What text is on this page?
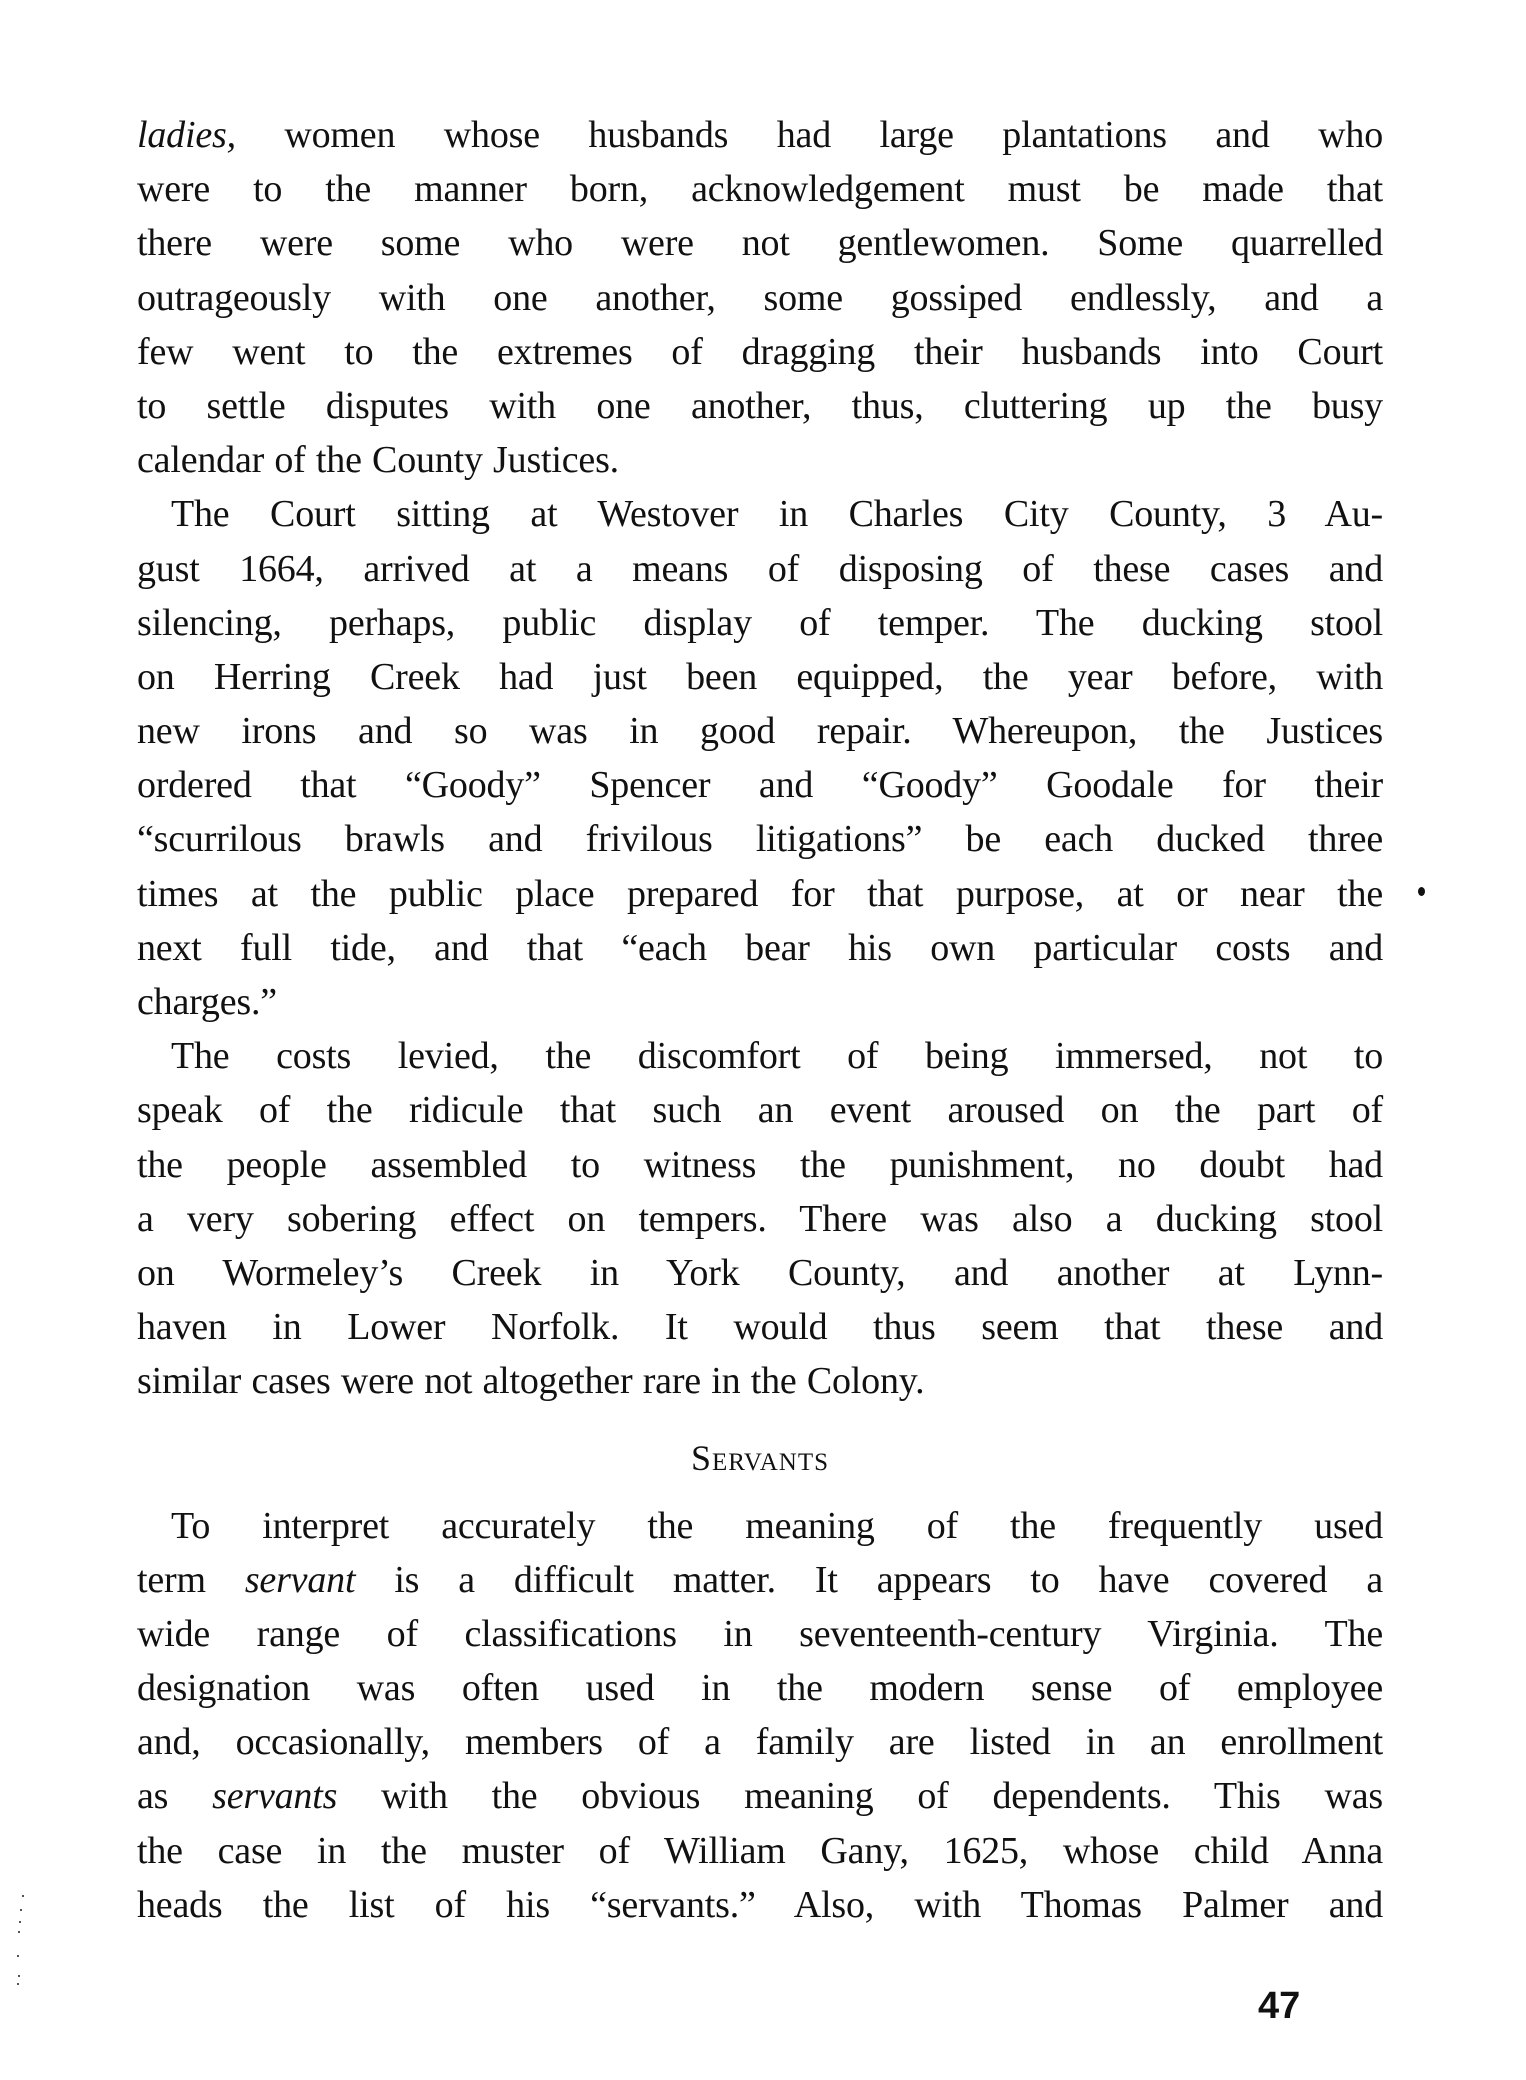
ladies, women whose husbands had large plantations and who
were to the manner born, acknowledgement must be made that
there were some who were not gentlewomen. Some quarrelled
outrageously with one another, some gossiped endlessly, and a
few went to the extremes of dragging their husbands into Court
to settle disputes with one another, thus, cluttering up the busy
calendar of the County Justices.
The Court sitting at Westover in Charles City County, 3 Au-
gust 1664, arrived at a means of disposing of these cases and
silencing, perhaps, public display of temper. The ducking stool
on Herring Creek had just been equipped, the year before, with
new irons and so was in good repair. Whereupon, the Justices
ordered that “Goody” Spencer and “Goody” Goodale for their
“scurrilous brawls and frivilous litigations” be each ducked three
times at the public place prepared for that purpose, at or near the
next full tide, and that “each bear his own particular costs and
charges.”
The costs levied, the discomfort of being immersed, not to
speak of the ridicule that such an event aroused on the part of
the people assembled to witness the punishment, no doubt had
a very sobering effect on tempers. There was also a ducking stool
on Wormeley’s Creek in York County, and another at Lynn-
haven in Lower Norfolk. It would thus seem that these and
similar cases were not altogether rare in the Colony.
Servants
To interpret accurately the meaning of the frequently used
term servant is a difficult matter. It appears to have covered a
wide range of classifications in seventeenth-century Virginia. The
designation was often used in the modern sense of employee
and, occasionally, members of a family are listed in an enrollment
as servants with the obvious meaning of dependents. This was
the case in the muster of William Gany, 1625, whose child Anna
heads the list of his “servants.” Also, with Thomas Palmer and
47
